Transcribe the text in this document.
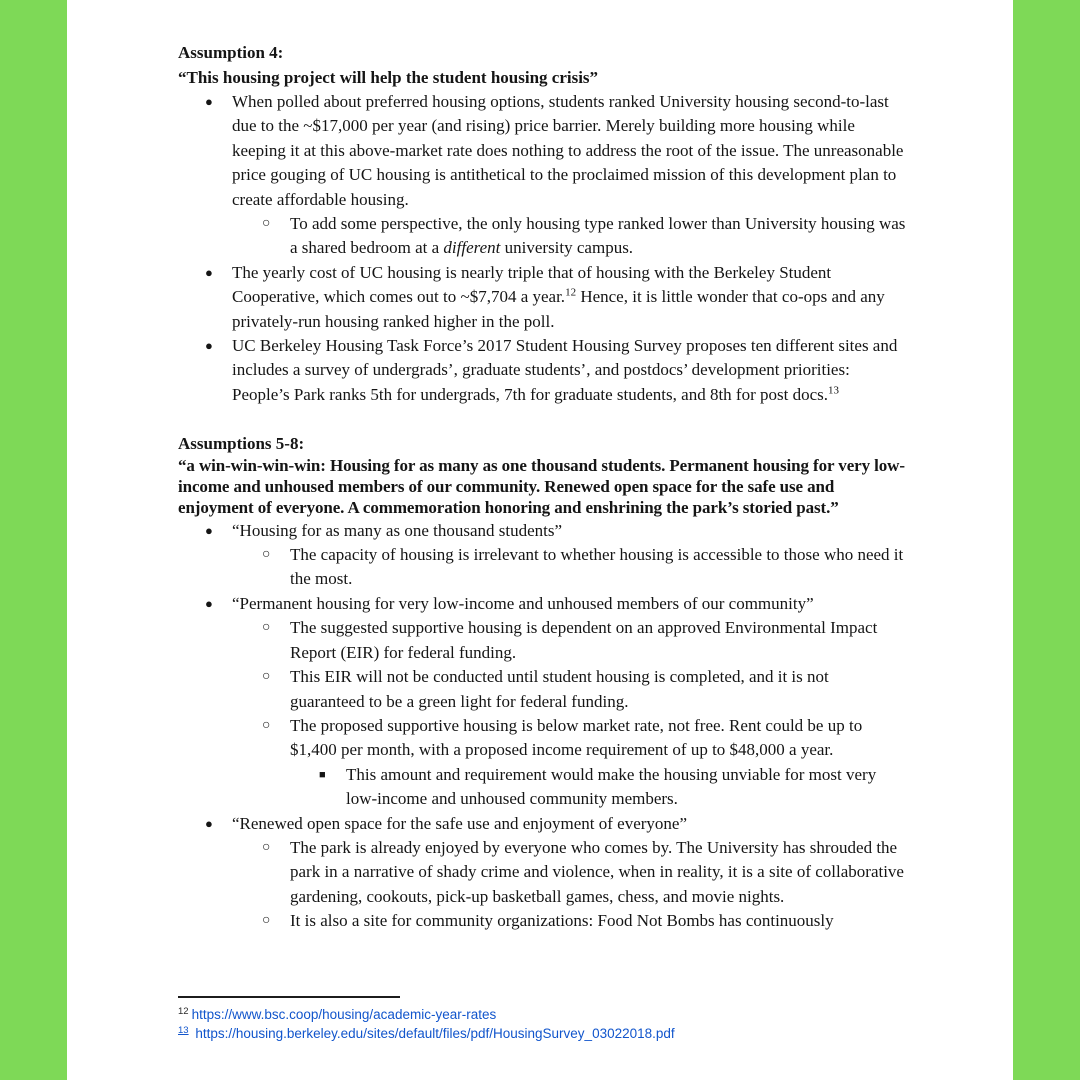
Assumption 4:
“This housing project will help the student housing crisis”
● When polled about preferred housing options, students ranked University housing second-to-last due to the ~$17,000 per year (and rising) price barrier. Merely building more housing while keeping it at this above-market rate does nothing to address the root of the issue. The unreasonable price gouging of UC housing is antithetical to the proclaimed mission of this development plan to create affordable housing.
○ To add some perspective, the only housing type ranked lower than University housing was a shared bedroom at a different university campus.
● The yearly cost of UC housing is nearly triple that of housing with the Berkeley Student Cooperative, which comes out to ~$7,704 a year.$^{12}$ Hence, it is little wonder that co-ops and any privately-run housing ranked higher in the poll.
● UC Berkeley Housing Task Force’s 2017 Student Housing Survey proposes ten different sites and includes a survey of undergrads’, graduate students’, and postdocs’ development priorities: People’s Park ranks 5th for undergrads, 7th for graduate students, and 8th for post docs.$^{13}$
Assumptions 5-8:
“a win-win-win-win: Housing for as many as one thousand students. Permanent housing for very low-income and unhoused members of our community. Renewed open space for the safe use and enjoyment of everyone. A commemoration honoring and enshrining the park’s storied past.”
● “Housing for as many as one thousand students”
○ The capacity of housing is irrelevant to whether housing is accessible to those who need it the most.
● “Permanent housing for very low-income and unhoused members of our community”
○ The suggested supportive housing is dependent on an approved Environmental Impact Report (EIR) for federal funding.
○ This EIR will not be conducted until student housing is completed, and it is not guaranteed to be a green light for federal funding.
○ The proposed supportive housing is below market rate, not free. Rent could be up to $1,400 per month, with a proposed income requirement of up to $48,000 a year.
■ This amount and requirement would make the housing unviable for most very low-income and unhoused community members.
● “Renewed open space for the safe use and enjoyment of everyone”
○ The park is already enjoyed by everyone who comes by. The University has shrouded the park in a narrative of shady crime and violence, when in reality, it is a site of collaborative gardening, cookouts, pick-up basketball games, chess, and movie nights.
○ It is also a site for community organizations: Food Not Bombs has continuously
$^{12}$ https://www.bsc.coop/housing/academic-year-rates
$^{13}$ https://housing.berkeley.edu/sites/default/files/pdf/HousingSurvey_03022018.pdf
